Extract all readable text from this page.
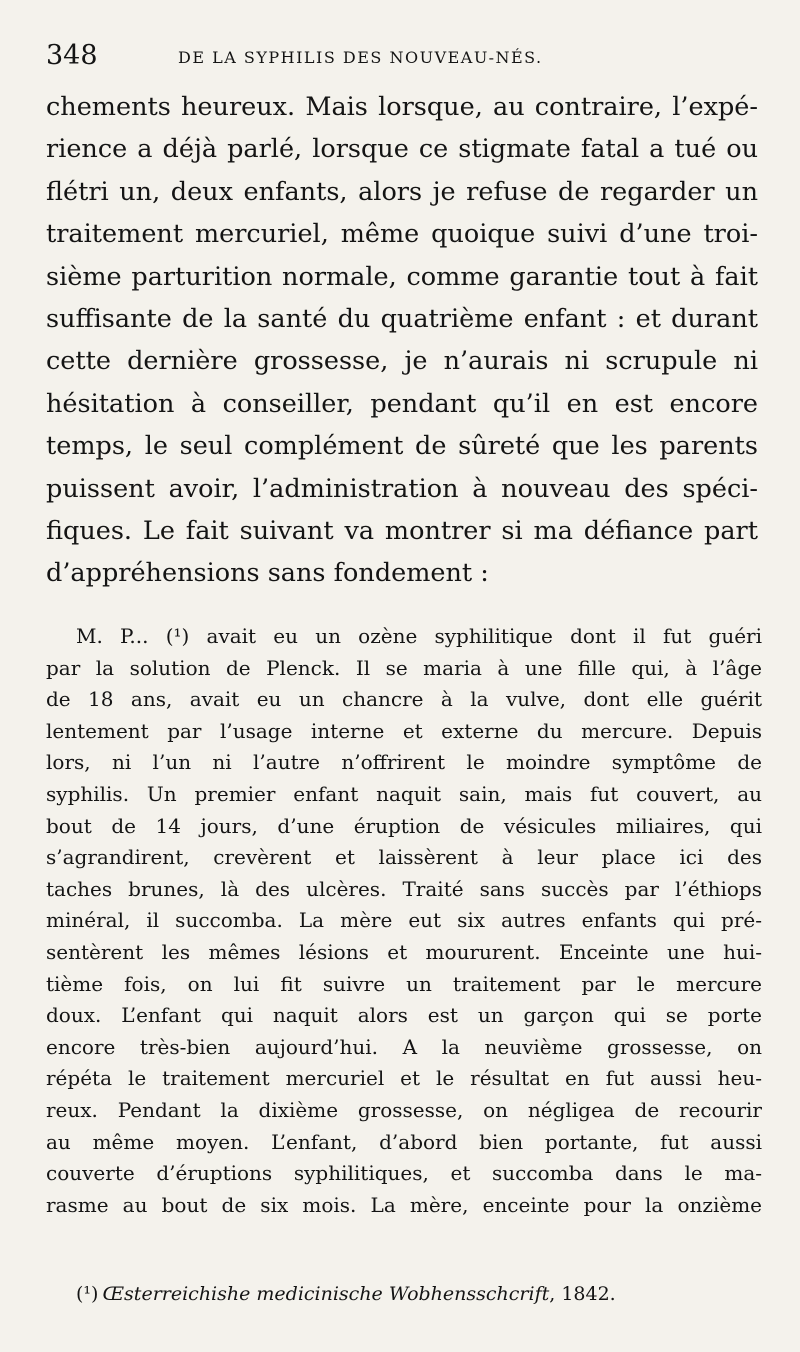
348	DE LA SYPHILIS DES NOUVEAU-NÉS.
chements heureux. Mais lorsque, au contraire, l’expé-
rience a déjà parlé, lorsque ce stigmate fatal a tué ou
flétri un, deux enfants, alors je refuse de regarder un
traitement mercuriel, même quoique suivi d’une troi-
sième parturition normale, comme garantie tout à fait
suffisante de la santé du quatrième enfant : et durant
cette dernière grossesse, je n’aurais ni scrupule ni
hésitation à conseiller, pendant qu’il en est encore
temps, le seul complément de sûreté que les parents
puissent avoir, l’administration à nouveau des spéci-
fiques. Le fait suivant va montrer si ma défiance part
d’appréhensions sans fondement :
M. P... (¹) avait eu un ozène syphilitique dont il fut guéri
par la solution de Plenck. Il se maria à une fille qui, à l’âge
de 18 ans, avait eu un chancre à la vulve, dont elle guérit
lentement par l’usage interne et externe du mercure. Depuis
lors, ni l’un ni l’autre n’offrirent le moindre symptôme de
syphilis. Un premier enfant naquit sain, mais fut couvert, au
bout de 14 jours, d’une éruption de vésicules miliaires, qui
s’agrandirent, crevèrent et laissèrent à leur place ici des
taches brunes, là des ulcères. Traité sans succès par l’éthiops
minéral, il succomba. La mère eut six autres enfants qui pré-
sentèrent les mêmes lésions et moururent. Enceinte une hui-
tième fois, on lui fit suivre un traitement par le mercure
doux. L’enfant qui naquit alors est un garçon qui se porte
encore très-bien aujourd’hui. A la neuvième grossesse, on
répéta le traitement mercuriel et le résultat en fut aussi heu-
reux. Pendant la dixième grossesse, on négligea de recourir
au même moyen. L’enfant, d’abord bien portante, fut aussi
couverte d’éruptions syphilitiques, et succomba dans le ma-
rasme au bout de six mois. La mère, enceinte pour la onzième
(¹) Œsterreichishe medicinische Wobhensschcrift, 1842.
